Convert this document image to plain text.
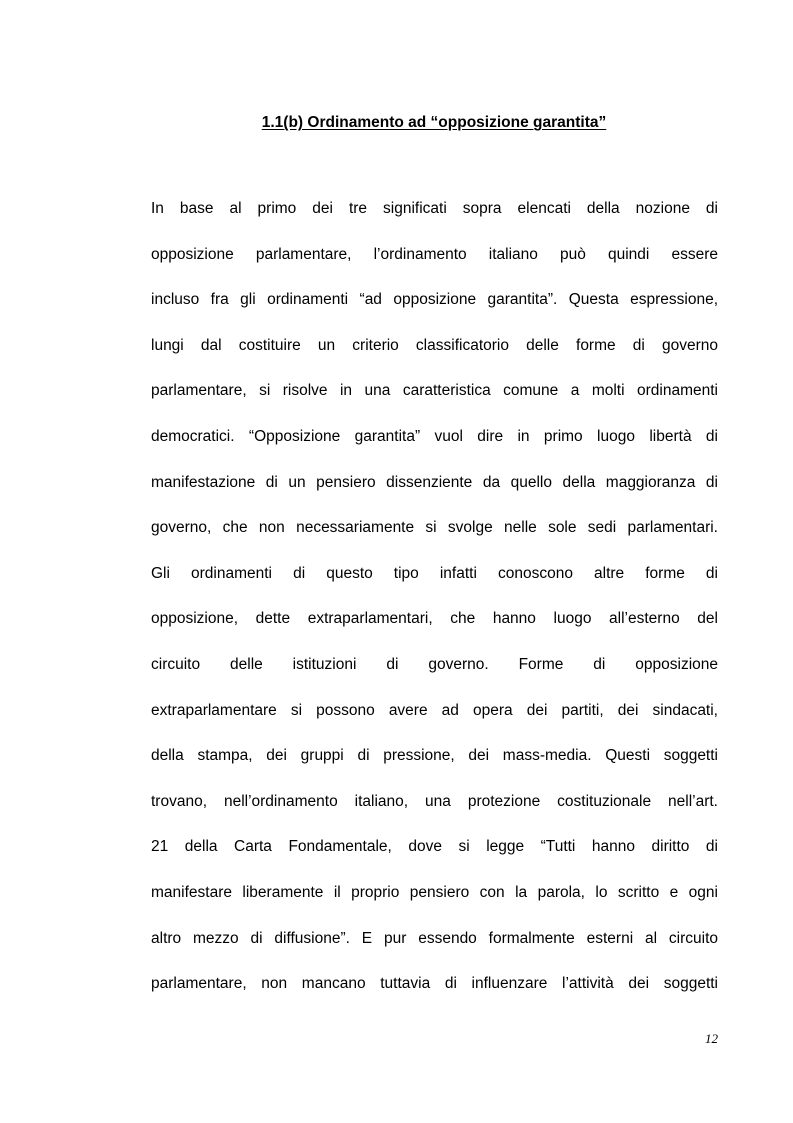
1.1(b) Ordinamento ad “opposizione garantita”
In base al primo dei tre significati sopra elencati della nozione di
opposizione parlamentare, l’ordinamento italiano può quindi essere
incluso fra gli ordinamenti “ad opposizione garantita”. Questa espressione,
lungi dal costituire un criterio classificatorio delle forme di governo
parlamentare, si risolve in una caratteristica comune a molti ordinamenti
democratici. “Opposizione garantita” vuol dire in primo luogo libertà di
manifestazione di un pensiero dissenziente da quello della maggioranza di
governo, che non necessariamente si svolge nelle sole sedi parlamentari.
Gli ordinamenti di questo tipo infatti conoscono altre forme di
opposizione, dette extraparlamentari, che hanno luogo all’esterno del
circuito delle istituzioni di governo. Forme di opposizione
extraparlamentare si possono avere ad opera dei partiti, dei sindacati,
della stampa, dei gruppi di pressione, dei mass-media. Questi soggetti
trovano, nell’ordinamento italiano, una protezione costituzionale nell’art.
21 della Carta Fondamentale, dove si legge “Tutti hanno diritto di
manifestare liberamente il proprio pensiero con la parola, lo scritto e ogni
altro mezzo di diffusione”. E pur essendo formalmente esterni al circuito
parlamentare, non mancano tuttavia di influenzare l’attività dei soggetti
12
